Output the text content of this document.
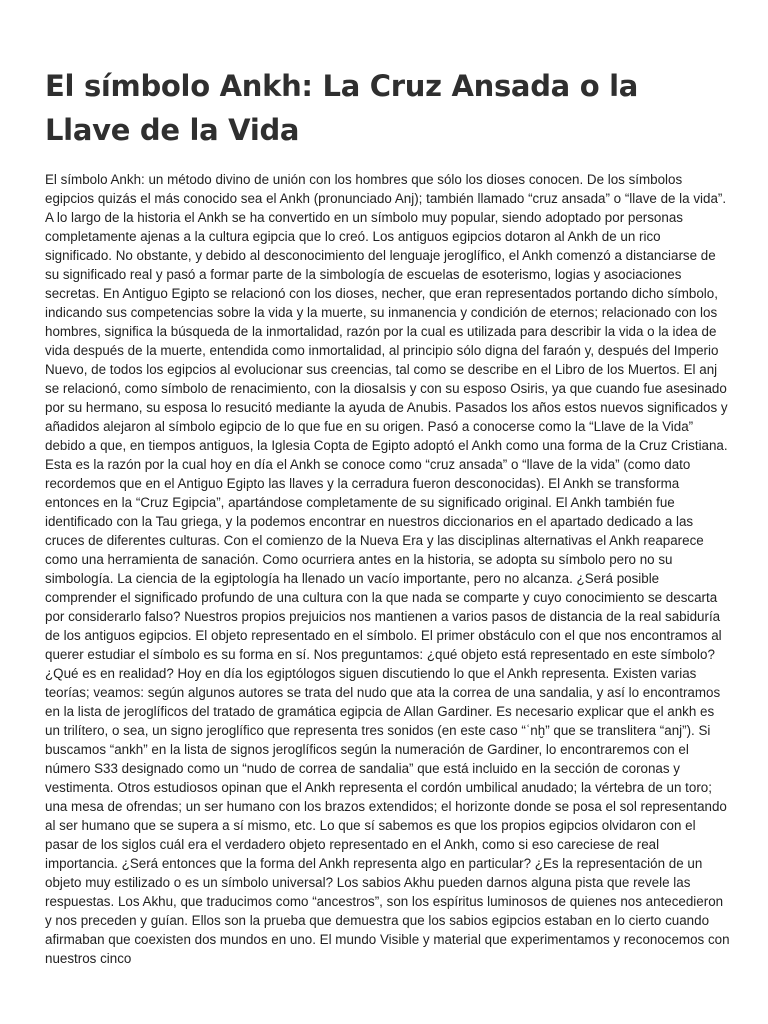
El símbolo Ankh: La Cruz Ansada o la Llave de la Vida
El símbolo Ankh: un método divino de unión con los hombres que sólo los dioses conocen. De los símbolos egipcios quizás el más conocido sea el Ankh (pronunciado Anj); también llamado “cruz ansada” o “llave de la vida”. A lo largo de la historia el Ankh se ha convertido en un símbolo muy popular, siendo adoptado por personas completamente ajenas a la cultura egipcia que lo creó. Los antiguos egipcios dotaron al Ankh de un rico significado. No obstante, y debido al desconocimiento del lenguaje jeroglífico, el Ankh comenzó a distanciarse de su significado real y pasó a formar parte de la simbología de escuelas de esoterismo, logias y asociaciones secretas. En Antiguo Egipto se relacionó con los dioses, necher, que eran representados portando dicho símbolo, indicando sus competencias sobre la vida y la muerte, su inmanencia y condición de eternos; relacionado con los hombres, significa la búsqueda de la inmortalidad, razón por la cual es utilizada para describir la vida o la idea de vida después de la muerte, entendida como inmortalidad, al principio sólo digna del faraón y, después del Imperio Nuevo, de todos los egipcios al evolucionar sus creencias, tal como se describe en el Libro de los Muertos. El anj se relacionó, como símbolo de renacimiento, con la diosaIsis y con su esposo Osiris, ya que cuando fue asesinado por su hermano, su esposa lo resucitó mediante la ayuda de Anubis. Pasados los años estos nuevos significados y añadidos alejaron al símbolo egipcio de lo que fue en su origen. Pasó a conocerse como la “Llave de la Vida” debido a que, en tiempos antiguos, la Iglesia Copta de Egipto adoptó el Ankh como una forma de la Cruz Cristiana. Esta es la razón por la cual hoy en día el Ankh se conoce como “cruz ansada” o “llave de la vida” (como dato recordemos que en el Antiguo Egipto las llaves y la cerradura fueron desconocidas). El Ankh se transforma entonces en la “Cruz Egipcia”, apartándose completamente de su significado original. El Ankh también fue identificado con la Tau griega, y la podemos encontrar en nuestros diccionarios en el apartado dedicado a las cruces de diferentes culturas. Con el comienzo de la Nueva Era y las disciplinas alternativas el Ankh reaparece como una herramienta de sanación. Como ocurriera antes en la historia, se adopta su símbolo pero no su simbología. La ciencia de la egiptología ha llenado un vacío importante, pero no alcanza. ¿Será posible comprender el significado profundo de una cultura con la que nada se comparte y cuyo conocimiento se descarta por considerarlo falso? Nuestros propios prejuicios nos mantienen a varios pasos de distancia de la real sabiduría de los antiguos egipcios. El objeto representado en el símbolo. El primer obstáculo con el que nos encontramos al querer estudiar el símbolo es su forma en sí. Nos preguntamos: ¿qué objeto está representado en este símbolo? ¿Qué es en realidad? Hoy en día los egiptólogos siguen discutiendo lo que el Ankh representa. Existen varias teorías; veamos: según algunos autores se trata del nudo que ata la correa de una sandalia, y así lo encontramos en la lista de jeroglíficos del tratado de gramática egipcia de Allan Gardiner. Es necesario explicar que el ankh es un trilítero, o sea, un signo jeroglífico que representa tres sonidos (en este caso “ʿnḫ” que se translitera “anj”). Si buscamos “ankh” en la lista de signos jeroglíficos según la numeración de Gardiner, lo encontraremos con el número S33 designado como un “nudo de correa de sandalia” que está incluido en la sección de coronas y vestimenta. Otros estudiosos opinan que el Ankh representa el cordón umbilical anudado; la vértebra de un toro; una mesa de ofrendas; un ser humano con los brazos extendidos; el horizonte donde se posa el sol representando al ser humano que se supera a sí mismo, etc. Lo que sí sabemos es que los propios egipcios olvidaron con el pasar de los siglos cuál era el verdadero objeto representado en el Ankh, como si eso careciese de real importancia. ¿Será entonces que la forma del Ankh representa algo en particular? ¿Es la representación de un objeto muy estilizado o es un símbolo universal? Los sabios Akhu pueden darnos alguna pista que revele las respuestas. Los Akhu, que traducimos como “ancestros”, son los espíritus luminosos de quienes nos antecedieron y nos preceden y guían. Ellos son la prueba que demuestra que los sabios egipcios estaban en lo cierto cuando afirmaban que coexisten dos mundos en uno. El mundo Visible y material que experimentamos y reconocemos con nuestros cinco
